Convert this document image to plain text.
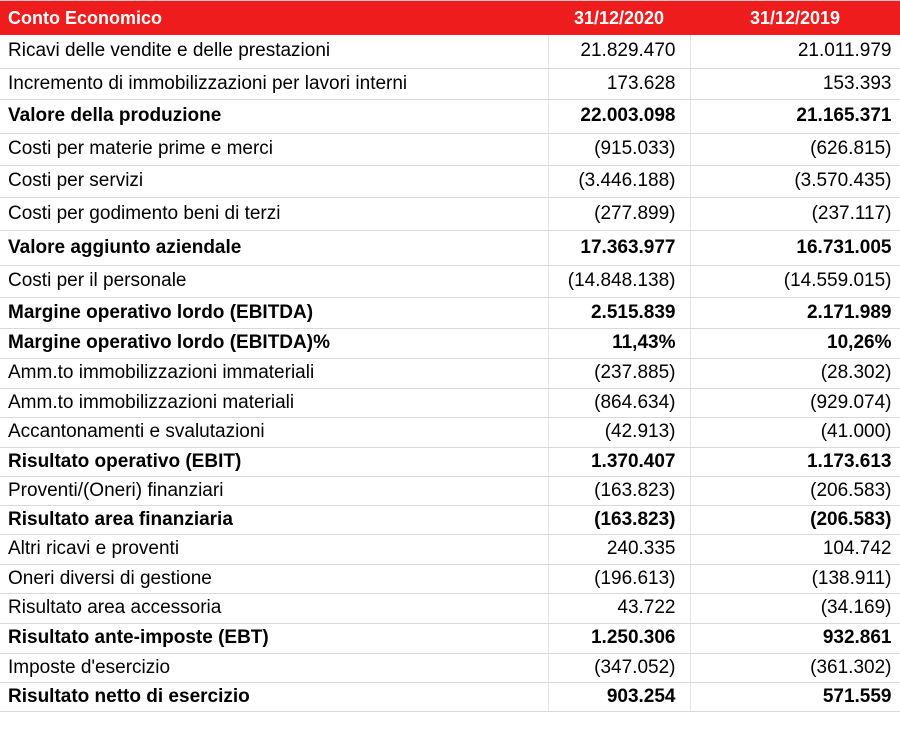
Conto Economico	31/12/2020	31/12/2019
Ricavi delle vendite e delle prestazioni	21.829.470	21.011.979
Incremento di immobilizzazioni per lavori interni	173.628	153.393
Valore della produzione	22.003.098	21.165.371
Costi per materie prime e merci	(915.033)	(626.815)
Costi per servizi	(3.446.188)	(3.570.435)
Costi per godimento beni di terzi	(277.899)	(237.117)
Valore aggiunto aziendale	17.363.977	16.731.005
Costi per il personale	(14.848.138)	(14.559.015)
Margine operativo lordo (EBITDA)	2.515.839	2.171.989
Margine operativo lordo (EBITDA)%	11,43%	10,26%
Amm.to immobilizzazioni immateriali	(237.885)	(28.302)
Amm.to immobilizzazioni materiali	(864.634)	(929.074)
Accantonamenti e svalutazioni	(42.913)	(41.000)
Risultato operativo (EBIT)	1.370.407	1.173.613
Proventi/(Oneri) finanziari	(163.823)	(206.583)
Risultato area finanziaria	(163.823)	(206.583)
Altri ricavi e proventi	240.335	104.742
Oneri diversi di gestione	(196.613)	(138.911)
Risultato area accessoria	43.722	(34.169)
Risultato ante-imposte (EBT)	1.250.306	932.861
Imposte d'esercizio	(347.052)	(361.302)
Risultato netto di esercizio	903.254	571.559
